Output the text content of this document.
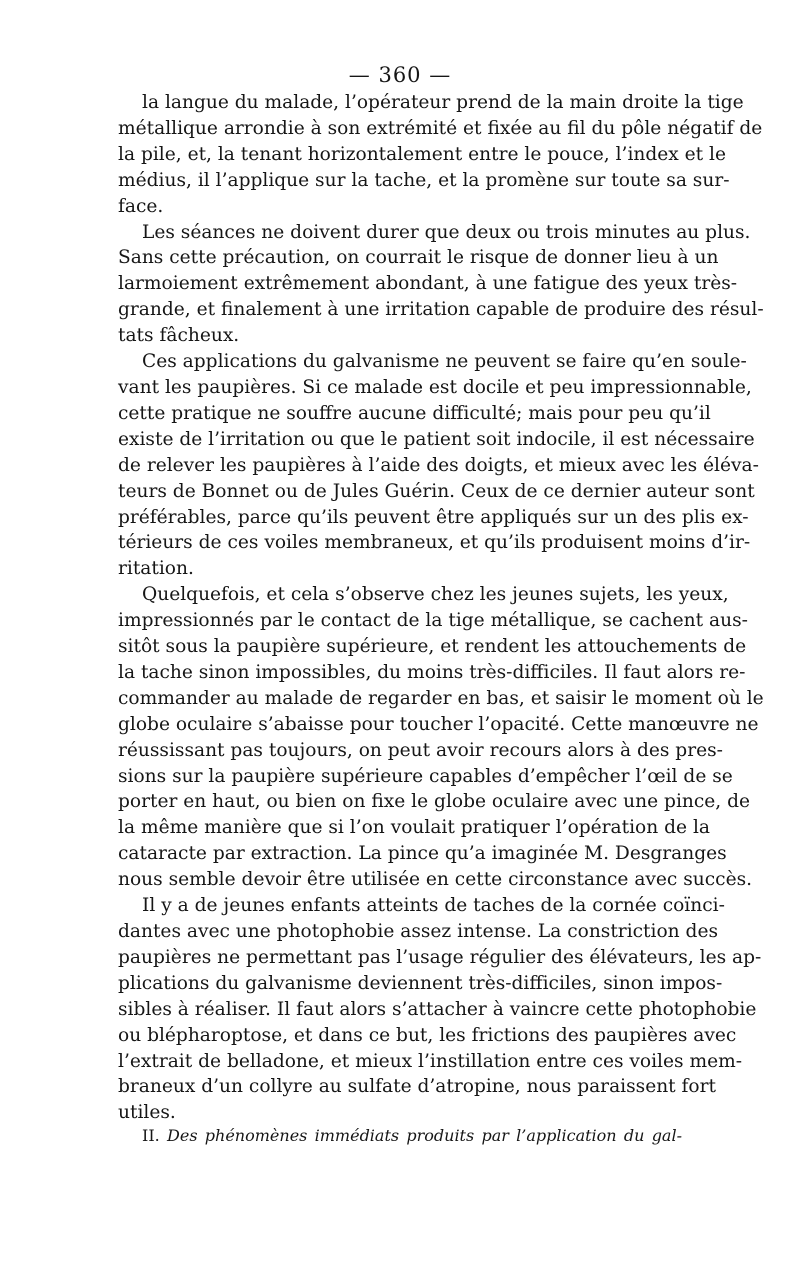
— 360 —

la langue du malade, l’opérateur prend de la main droite la tige
métallique arrondie à son extrémité et fixée au fil du pôle négatif de
la pile, et, la tenant horizontalement entre le pouce, l’index et le
médius, il l’applique sur la tache, et la promène sur toute sa sur-
face.

Les séances ne doivent durer que deux ou trois minutes au plus.
Sans cette précaution, on courrait le risque de donner lieu à un
larmoiement extrêmement abondant, à une fatigue des yeux très-
grande, et finalement à une irritation capable de produire des résul-
tats fâcheux.

Ces applications du galvanisme ne peuvent se faire qu’en soule-
vant les paupières. Si ce malade est docile et peu impressionnable,
cette pratique ne souffre aucune difficulté; mais pour peu qu’il
existe de l’irritation ou que le patient soit indocile, il est nécessaire
de relever les paupières à l’aide des doigts, et mieux avec les éléva-
teurs de Bonnet ou de Jules Guérin. Ceux de ce dernier auteur sont
préférables, parce qu’ils peuvent être appliqués sur un des plis ex-
térieurs de ces voiles membraneux, et qu’ils produisent moins d’ir-
ritation.

Quelquefois, et cela s’observe chez les jeunes sujets, les yeux,
impressionnés par le contact de la tige métallique, se cachent aus-
sitôt sous la paupière supérieure, et rendent les attouchements de
la tache sinon impossibles, du moins très-difficiles. Il faut alors re-
commander au malade de regarder en bas, et saisir le moment où le
globe oculaire s’abaisse pour toucher l’opacité. Cette manœuvre ne
réussissant pas toujours, on peut avoir recours alors à des pres-
sions sur la paupière supérieure capables d’empêcher l’œil de se
porter en haut, ou bien on fixe le globe oculaire avec une pince, de
la même manière que si l’on voulait pratiquer l’opération de la
cataracte par extraction. La pince qu’a imaginée M. Desgranges
nous semble devoir être utilisée en cette circonstance avec succès.

Il y a de jeunes enfants atteints de taches de la cornée coïnci-
dantes avec une photophobie assez intense. La constriction des
paupières ne permettant pas l’usage régulier des élévateurs, les ap-
plications du galvanisme deviennent très-difficiles, sinon impos-
sibles à réaliser. Il faut alors s’attacher à vaincre cette photophobie
ou blépharoptose, et dans ce but, les frictions des paupières avec
l’extrait de belladone, et mieux l’instillation entre ces voiles mem-
braneux d’un collyre au sulfate d’atropine, nous paraissent fort
utiles.

II. Des phénomènes immédiats produits par l’application du gal-
